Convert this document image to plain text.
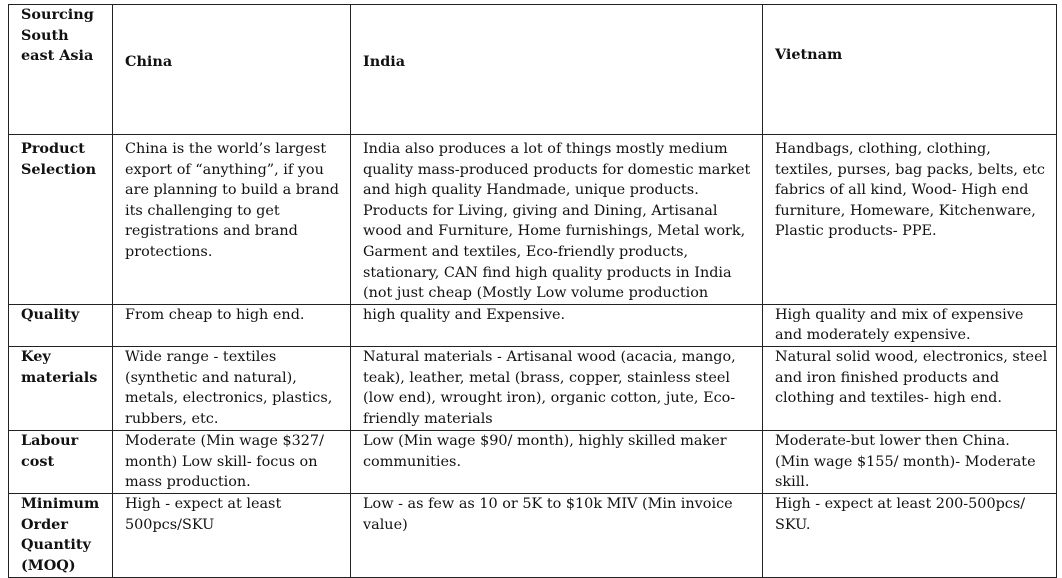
Sourcing South east Asia	China	India	Vietnam
Product Selection	China is the world’s largest export of “anything”, if you are planning to build a brand its challenging to get registrations and brand protections.	India also produces a lot of things mostly medium quality mass-produced products for domestic market and high quality Handmade, unique products. Products for Living, giving and Dining, Artisanal wood and Furniture, Home furnishings, Metal work, Garment and textiles, Eco-friendly products, stationary, CAN find high quality products in India (not just cheap (Mostly Low volume production	Handbags, clothing, clothing, textiles, purses, bag packs, belts, etc fabrics of all kind, Wood- High end furniture, Homeware, Kitchenware, Plastic products- PPE.
Quality	From cheap to high end.	high quality and Expensive.	High quality and mix of expensive and moderately expensive.
Key materials	Wide range - textiles (synthetic and natural), metals, electronics, plastics, rubbers, etc.	Natural materials - Artisanal wood (acacia, mango, teak), leather, metal (brass, copper, stainless steel (low end), wrought iron), organic cotton, jute, Eco-friendly materials	Natural solid wood, electronics, steel and iron finished products and clothing and textiles- high end.
Labour cost	Moderate (Min wage $327/ month) Low skill- focus on mass production.	Low (Min wage $90/ month), highly skilled maker communities.	Moderate-but lower then China. (Min wage $155/ month)- Moderate skill.
Minimum Order Quantity (MOQ)	High - expect at least 500pcs/SKU	Low - as few as 10 or 5K to $10k MIV (Min invoice value)	High - expect at least 200-500pcs/ SKU.
